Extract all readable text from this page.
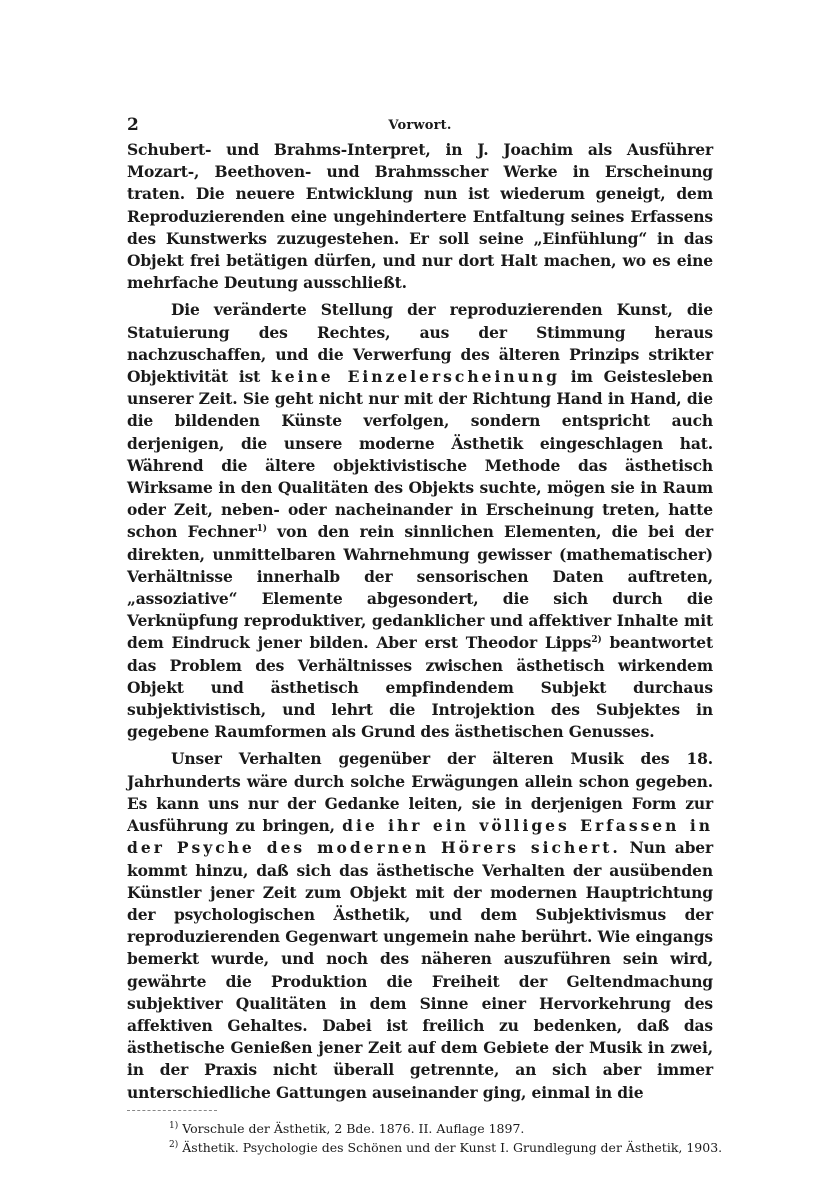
2	Vorwort.

Schubert- und Brahms-Interpret, in J. Joachim als Ausführer Mozart-, Beethoven- und Brahmsscher Werke in Erscheinung traten. Die neuere Entwicklung nun ist wiederum geneigt, dem Reproduzierenden eine ungehindertere Entfaltung seines Erfassens des Kunstwerks zuzugestehen. Er soll seine „Einfühlung“ in das Objekt frei betätigen dürfen, und nur dort Halt machen, wo es eine mehrfache Deutung ausschließt.

Die veränderte Stellung der reproduzierenden Kunst, die Statuierung des Rechtes, aus der Stimmung heraus nachzuschaffen, und die Verwerfung des älteren Prinzips strikter Objektivität ist keine Einzelerscheinung im Geistesleben unserer Zeit. Sie geht nicht nur mit der Richtung Hand in Hand, die die bildenden Künste verfolgen, sondern entspricht auch derjenigen, die unsere moderne Ästhetik eingeschlagen hat. Während die ältere objektivistische Methode das ästhetisch Wirksame in den Qualitäten des Objekts suchte, mögen sie in Raum oder Zeit, neben- oder nacheinander in Erscheinung treten, hatte schon Fechner$^{1)}$ von den rein sinnlichen Elementen, die bei der direkten, unmittelbaren Wahrnehmung gewisser (mathematischer) Verhältnisse innerhalb der sensorischen Daten auftreten, „assoziative“ Elemente abgesondert, die sich durch die Verknüpfung reproduktiver, gedanklicher und affektiver Inhalte mit dem Eindruck jener bilden. Aber erst Theodor Lipps$^{2)}$ beantwortet das Problem des Verhältnisses zwischen ästhetisch wirkendem Objekt und ästhetisch empfindendem Subjekt durchaus subjektivistisch, und lehrt die Introjektion des Subjektes in gegebene Raumformen als Grund des ästhetischen Genusses.

Unser Verhalten gegenüber der älteren Musik des 18. Jahrhunderts wäre durch solche Erwägungen allein schon gegeben. Es kann uns nur der Gedanke leiten, sie in derjenigen Form zur Ausführung zu bringen, die ihr ein völliges Erfassen in der Psyche des modernen Hörers sichert. Nun aber kommt hinzu, daß sich das ästhetische Verhalten der ausübenden Künstler jener Zeit zum Objekt mit der modernen Hauptrichtung der psychologischen Ästhetik, und dem Subjektivismus der reproduzierenden Gegenwart ungemein nahe berührt. Wie eingangs bemerkt wurde, und noch des näheren auszuführen sein wird, gewährte die Produktion die Freiheit der Geltendmachung subjektiver Qualitäten in dem Sinne einer Hervorkehrung des affektiven Gehaltes. Dabei ist freilich zu bedenken, daß das ästhetische Genießen jener Zeit auf dem Gebiete der Musik in zwei, in der Praxis nicht überall getrennte, an sich aber immer unterschiedliche Gattungen auseinander ging, einmal in die

$^{1)}$ Vorschule der Ästhetik, 2 Bde. 1876. II. Auflage 1897.
$^{2)}$ Ästhetik. Psychologie des Schönen und der Kunst I. Grundlegung der Ästhetik, 1903.
